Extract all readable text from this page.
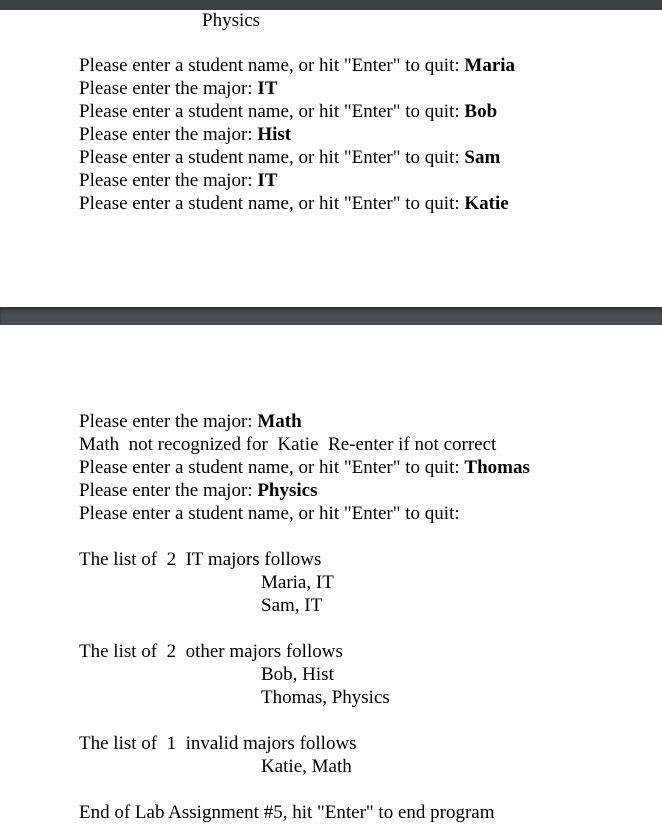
Physics
Please enter a student name, or hit "Enter" to quit: Maria
Please enter the major: IT
Please enter a student name, or hit "Enter" to quit: Bob
Please enter the major: Hist
Please enter a student name, or hit "Enter" to quit: Sam
Please enter the major: IT
Please enter a student name, or hit "Enter" to quit: Katie
Please enter the major: Math
Math  not recognized for  Katie  Re-enter if not correct
Please enter a student name, or hit "Enter" to quit: Thomas
Please enter the major: Physics
Please enter a student name, or hit "Enter" to quit:
The list of  2  IT majors follows
Maria, IT
Sam, IT
The list of  2  other majors follows
Bob, Hist
Thomas, Physics
The list of  1  invalid majors follows
Katie, Math
End of Lab Assignment #5, hit "Enter" to end program
